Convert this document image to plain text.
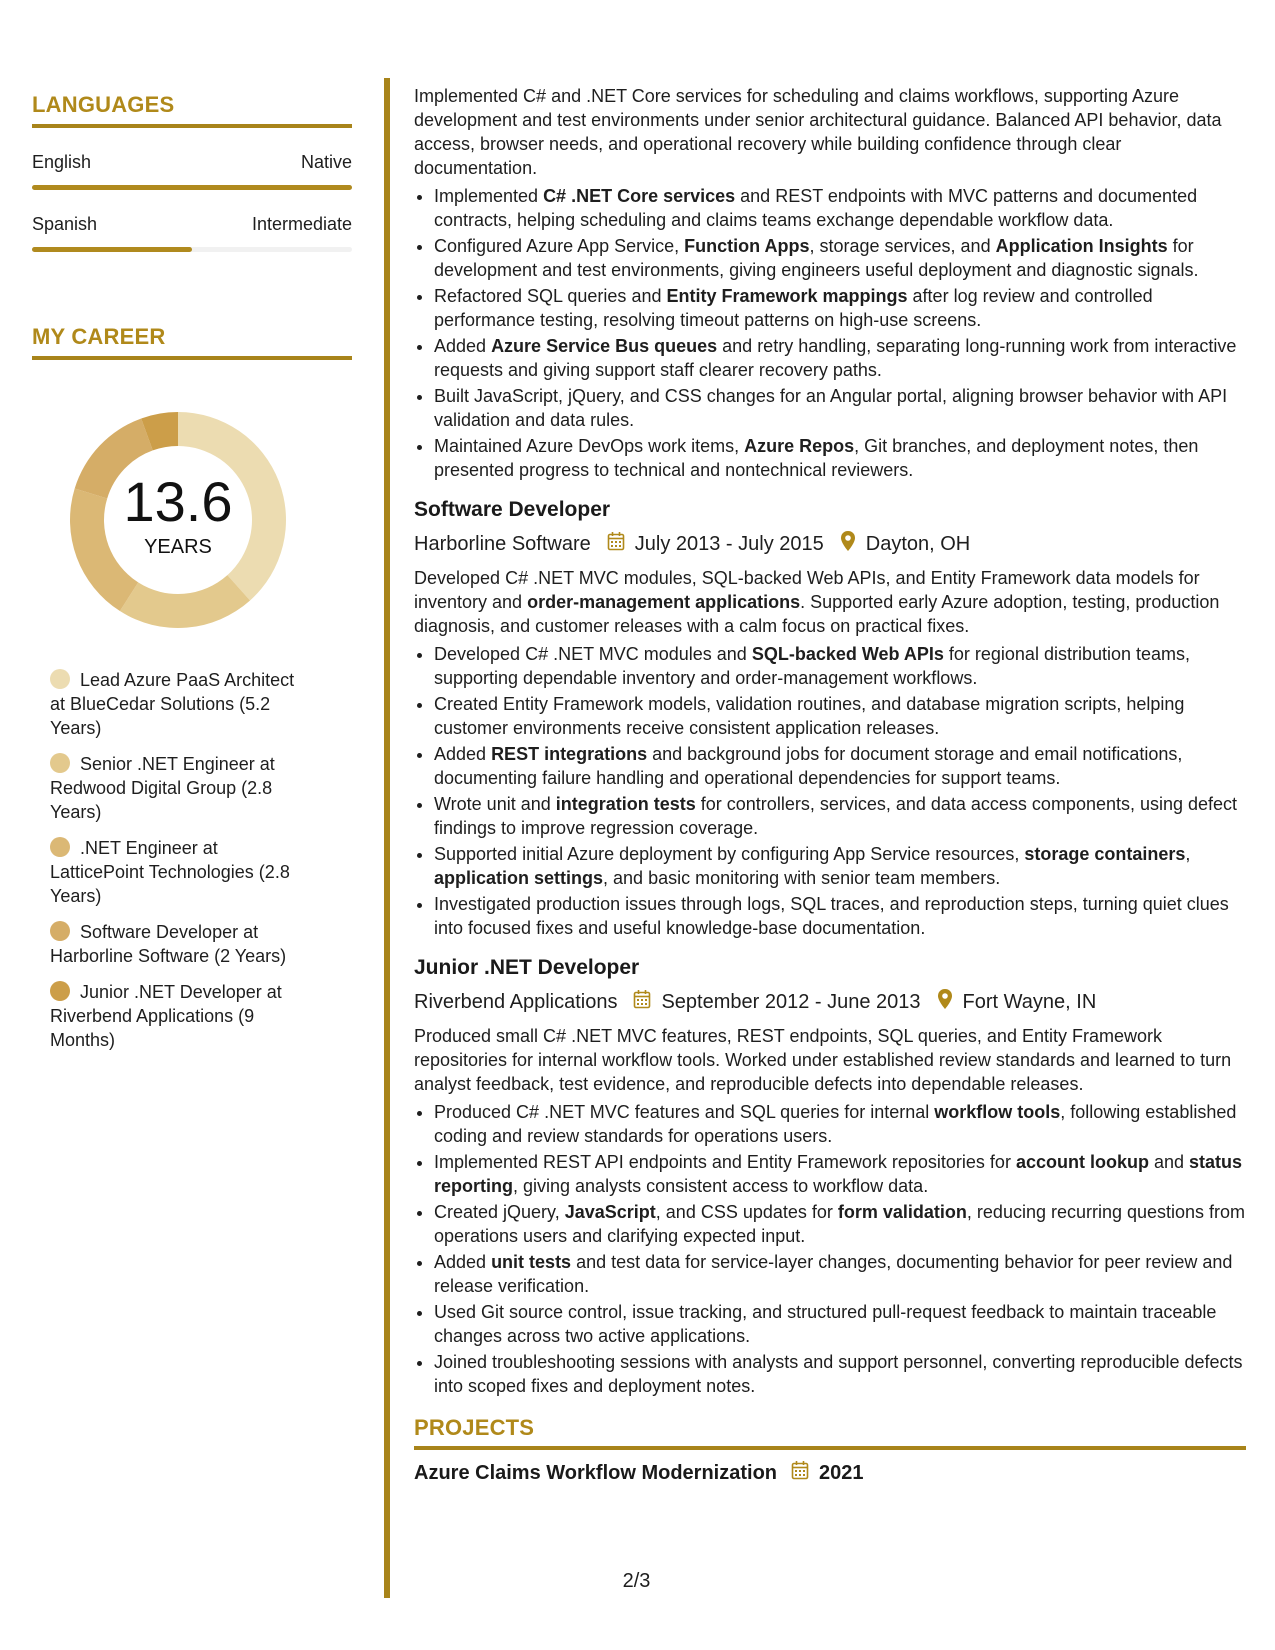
LANGUAGES
English	Native
Spanish	Intermediate
MY CAREER
13.6
YEARS
Lead Azure PaaS Architect at BlueCedar Solutions (5.2 Years)
Senior .NET Engineer at Redwood Digital Group (2.8 Years)
.NET Engineer at LatticePoint Technologies (2.8 Years)
Software Developer at Harborline Software (2 Years)
Junior .NET Developer at Riverbend Applications (9 Months)

Implemented C# and .NET Core services for scheduling and claims workflows, supporting Azure development and test environments under senior architectural guidance. Balanced API behavior, data access, browser needs, and operational recovery while building confidence through clear documentation.

• Implemented C# .NET Core services and REST endpoints with MVC patterns and documented contracts, helping scheduling and claims teams exchange dependable workflow data.
• Configured Azure App Service, Function Apps, storage services, and Application Insights for development and test environments, giving engineers useful deployment and diagnostic signals.
• Refactored SQL queries and Entity Framework mappings after log review and controlled performance testing, resolving timeout patterns on high-use screens.
• Added Azure Service Bus queues and retry handling, separating long-running work from interactive requests and giving support staff clearer recovery paths.
• Built JavaScript, jQuery, and CSS changes for an Angular portal, aligning browser behavior with API validation and data rules.
• Maintained Azure DevOps work items, Azure Repos, Git branches, and deployment notes, then presented progress to technical and nontechnical reviewers.
Software Developer
Harborline Software July 2013 - July 2015 Dayton, OH

Developed C# .NET MVC modules, SQL-backed Web APIs, and Entity Framework data models for inventory and order-management applications. Supported early Azure adoption, testing, production diagnosis, and customer releases with a calm focus on practical fixes.

• Developed C# .NET MVC modules and SQL-backed Web APIs for regional distribution teams, supporting dependable inventory and order-management workflows.
• Created Entity Framework models, validation routines, and database migration scripts, helping customer environments receive consistent application releases.
• Added REST integrations and background jobs for document storage and email notifications, documenting failure handling and operational dependencies for support teams.
• Wrote unit and integration tests for controllers, services, and data access components, using defect findings to improve regression coverage.
• Supported initial Azure deployment by configuring App Service resources, storage containers, application settings, and basic monitoring with senior team members.
• Investigated production issues through logs, SQL traces, and reproduction steps, turning quiet clues into focused fixes and useful knowledge-base documentation.
Junior .NET Developer
Riverbend Applications September 2012 - June 2013 Fort Wayne, IN

Produced small C# .NET MVC features, REST endpoints, SQL queries, and Entity Framework repositories for internal workflow tools. Worked under established review standards and learned to turn analyst feedback, test evidence, and reproducible defects into dependable releases.

• Produced C# .NET MVC features and SQL queries for internal workflow tools, following established coding and review standards for operations users.
• Implemented REST API endpoints and Entity Framework repositories for account lookup and status reporting, giving analysts consistent access to workflow data.
• Created jQuery, JavaScript, and CSS updates for form validation, reducing recurring questions from operations users and clarifying expected input.
• Added unit tests and test data for service-layer changes, documenting behavior for peer review and release verification.
• Used Git source control, issue tracking, and structured pull-request feedback to maintain traceable changes across two active applications.
• Joined troubleshooting sessions with analysts and support personnel, converting reproducible defects into scoped fixes and deployment notes.
PROJECTS
Azure Claims Workflow Modernization 2021
2/3
